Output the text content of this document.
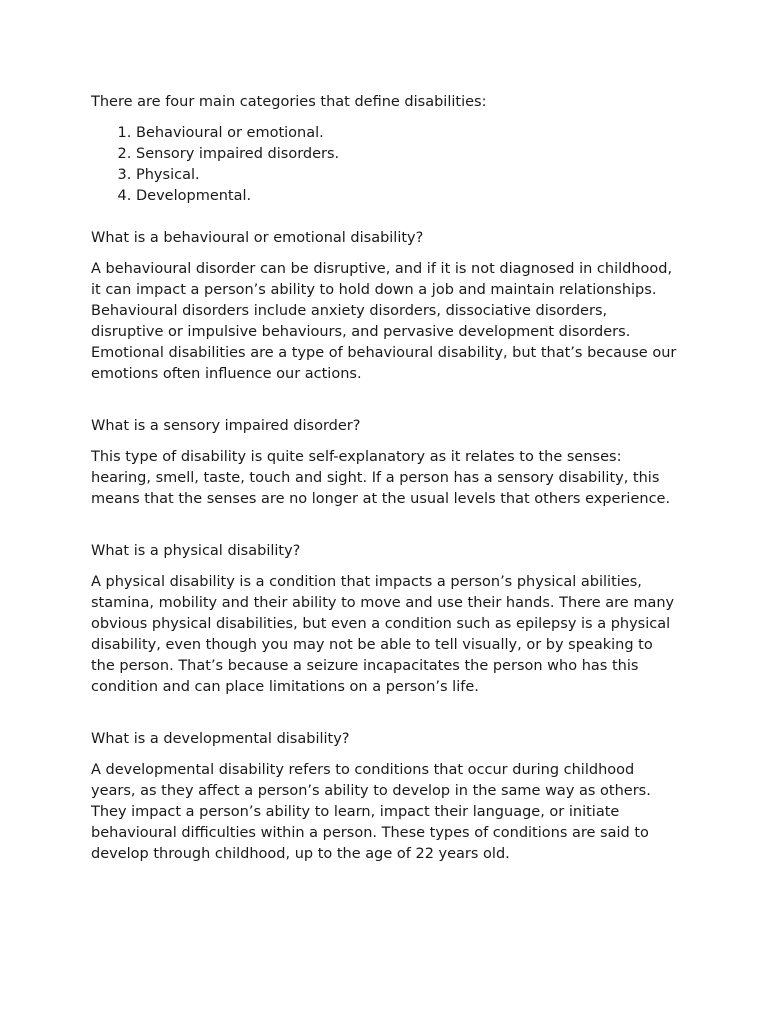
There are four main categories that define disabilities:

1. Behavioural or emotional.
2. Sensory impaired disorders.
3. Physical.
4. Developmental.

What is a behavioural or emotional disability?

A behavioural disorder can be disruptive, and if it is not diagnosed in childhood, it can impact a person’s ability to hold down a job and maintain relationships. Behavioural disorders include anxiety disorders, dissociative disorders, disruptive or impulsive behaviours, and pervasive development disorders. Emotional disabilities are a type of behavioural disability, but that’s because our emotions often influence our actions.

What is a sensory impaired disorder?

This type of disability is quite self-explanatory as it relates to the senses: hearing, smell, taste, touch and sight. If a person has a sensory disability, this means that the senses are no longer at the usual levels that others experience.

What is a physical disability?

A physical disability is a condition that impacts a person’s physical abilities, stamina, mobility and their ability to move and use their hands. There are many obvious physical disabilities, but even a condition such as epilepsy is a physical disability, even though you may not be able to tell visually, or by speaking to the person. That’s because a seizure incapacitates the person who has this condition and can place limitations on a person’s life.

What is a developmental disability?

A developmental disability refers to conditions that occur during childhood years, as they affect a person’s ability to develop in the same way as others. They impact a person’s ability to learn, impact their language, or initiate behavioural difficulties within a person. These types of conditions are said to develop through childhood, up to the age of 22 years old.
